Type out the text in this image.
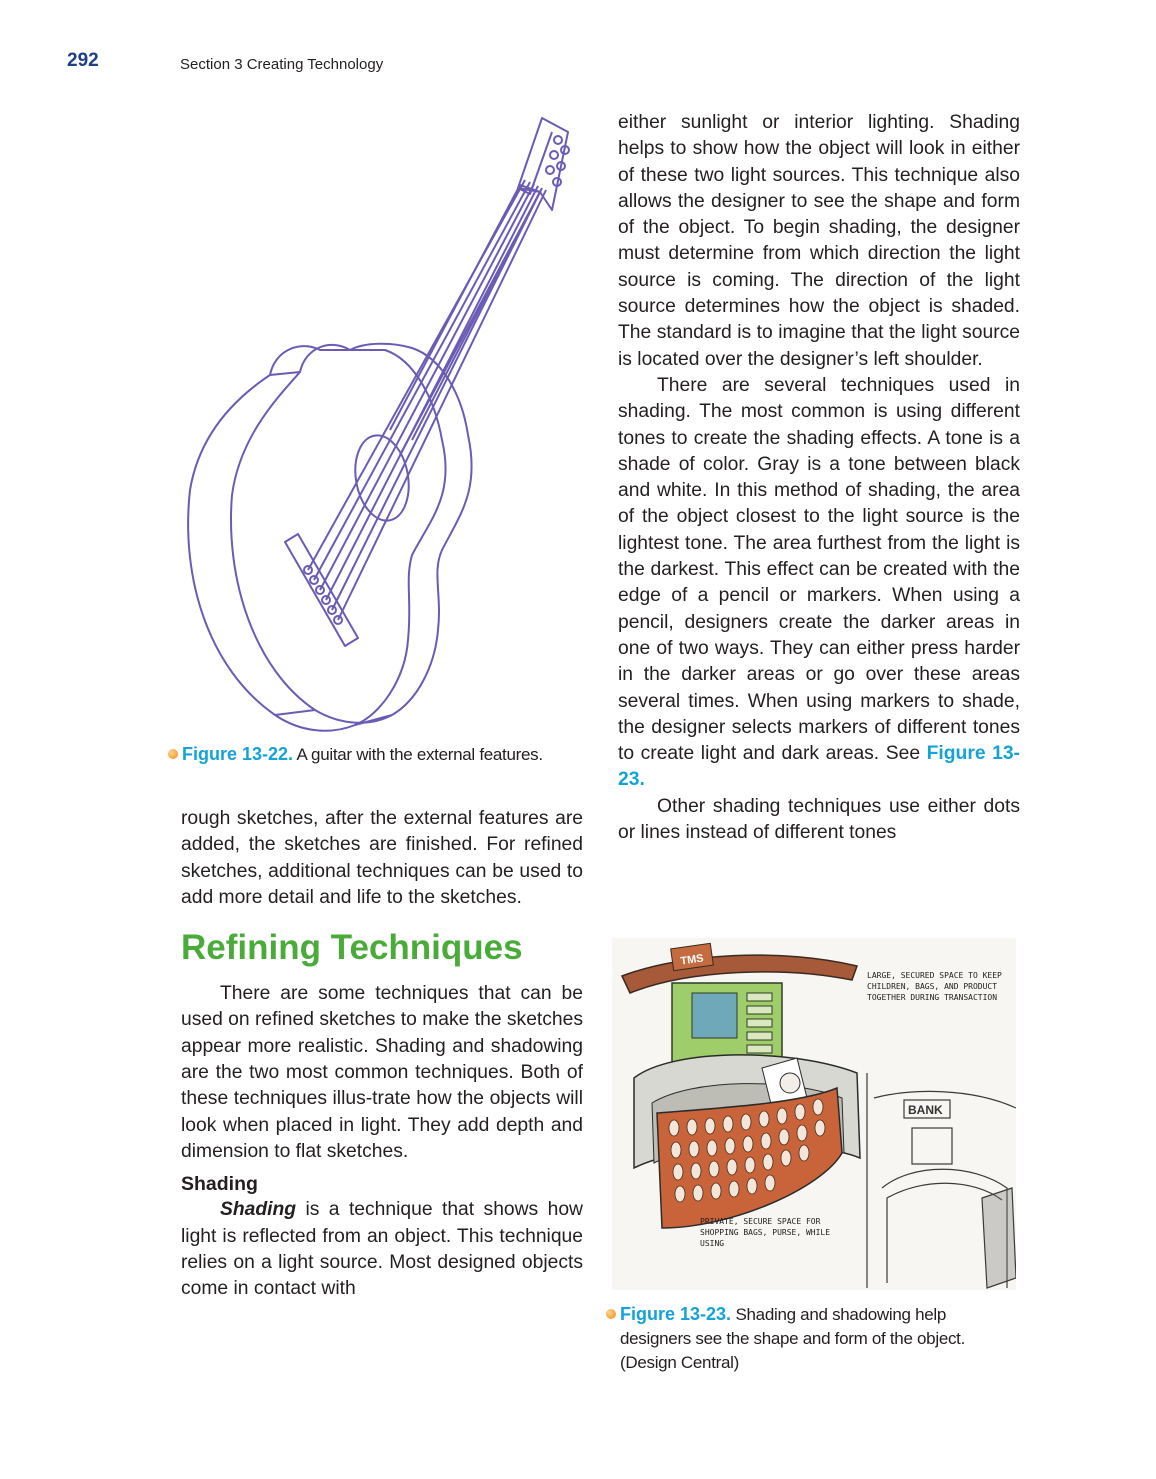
292	Section 3 Creating Technology
Figure 13-22. A guitar with the external features.

rough sketches, after the external features are added, the sketches are finished. For refined sketches, additional techniques can be used to add more detail and life to the sketches.

Refining Techniques

There are some techniques that can be used on refined sketches to make the sketches appear more realistic. Shading and shadowing are the two most common techniques. Both of these techniques illus-trate how the objects will look when placed in light. They add depth and dimension to flat sketches.

Shading

Shading is a technique that shows how light is reflected from an object. This technique relies on a light source. Most designed objects come in contact with

either sunlight or interior lighting. Shading helps to show how the object will look in either of these two light sources. This technique also allows the designer to see the shape and form of the object. To begin shading, the designer must determine from which direction the light source is coming. The direction of the light source determines how the object is shaded. The standard is to imagine that the light source is located over the designer’s left shoulder.

There are several techniques used in shading. The most common is using different tones to create the shading effects. A tone is a shade of color. Gray is a tone between black and white. In this method of shading, the area of the object closest to the light source is the lightest tone. The area furthest from the light is the darkest. This effect can be created with the edge of a pencil or markers. When using a pencil, designers create the darker areas in one of two ways. They can either press harder in the darker areas or go over these areas several times. When using markers to shade, the designer selects markers of different tones to create light and dark areas. See Figure 13-23.

Other shading techniques use either dots or lines instead of different tones

TMS
BANK
LARGE, SECURED SPACE TO KEEP CHILDREN, BAGS, AND PRODUCT TOGETHER DURING TRANSACTION
PRIVATE, SECURE SPACE FOR SHOPPING BAGS, PURSE, WHILE USING
Figure 13-23. Shading and shadowing help
designers see the shape and form of the object.
(Design Central)
